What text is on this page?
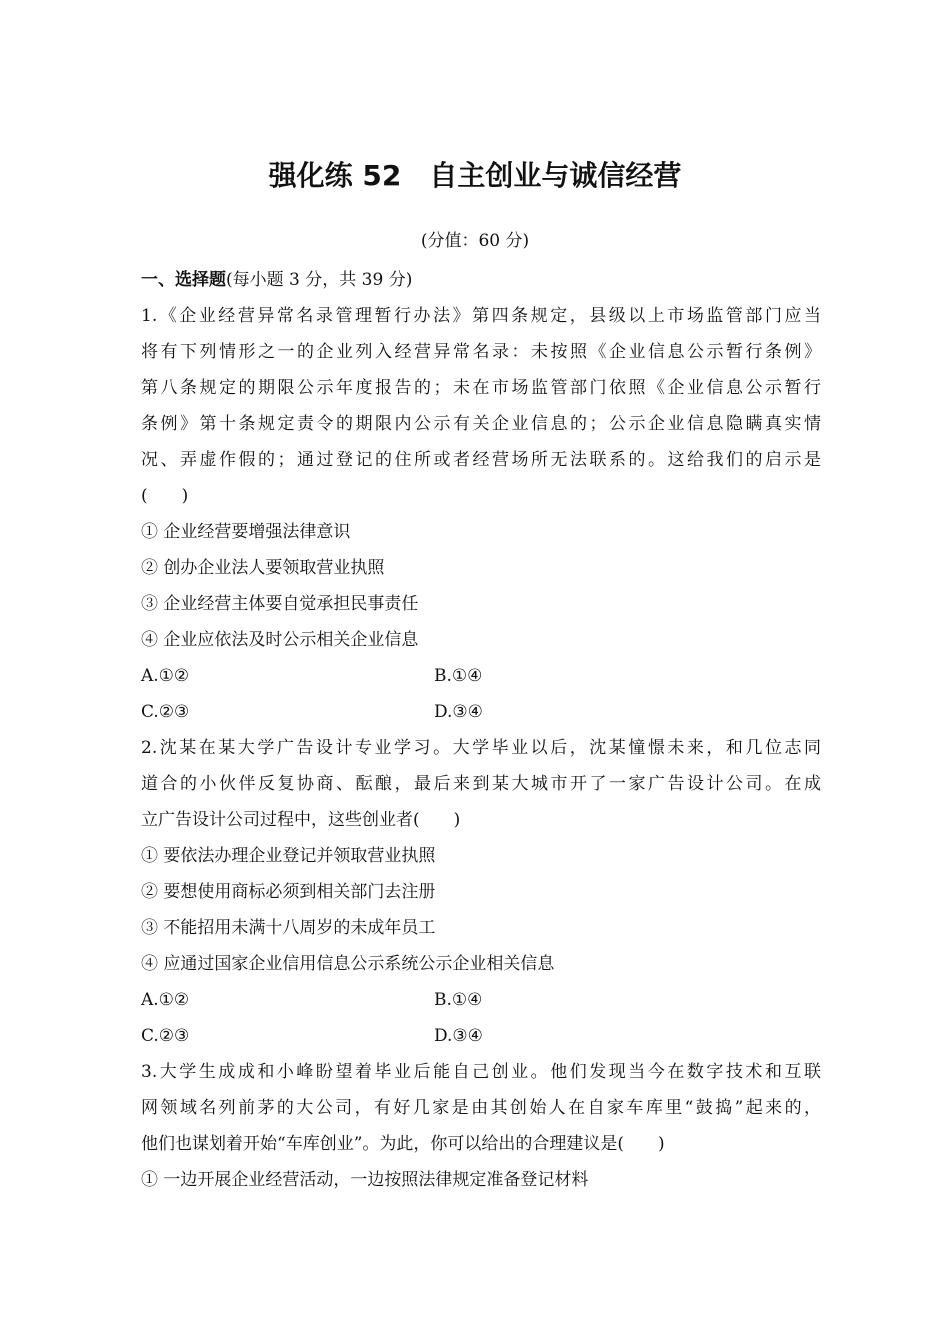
强化练 52　自主创业与诚信经营
(分值：60 分)
一、选择题(每小题 3 分，共 39 分)
1.《企业经营异常名录管理暂行办法》第四条规定，县级以上市场监管部门应当
将有下列情形之一的企业列入经营异常名录：未按照《企业信息公示暂行条例》
第八条规定的期限公示年度报告的；未在市场监管部门依照《企业信息公示暂行
条例》第十条规定责令的期限内公示有关企业信息的；公示企业信息隐瞒真实情
况、弄虚作假的；通过登记的住所或者经营场所无法联系的。这给我们的启示是
(　　)
① 企业经营要增强法律意识
② 创办企业法人要领取营业执照
③ 企业经营主体要自觉承担民事责任
④ 企业应依法及时公示相关企业信息
A.①②	B.①④
C.②③	D.③④
2.沈某在某大学广告设计专业学习。大学毕业以后，沈某憧憬未来，和几位志同
道合的小伙伴反复协商、酝酿，最后来到某大城市开了一家广告设计公司。在成
立广告设计公司过程中，这些创业者(　　)
① 要依法办理企业登记并领取营业执照
② 要想使用商标必须到相关部门去注册
③ 不能招用未满十八周岁的未成年员工
④ 应通过国家企业信用信息公示系统公示企业相关信息
A.①②	B.①④
C.②③	D.③④
3.大学生成成和小峰盼望着毕业后能自己创业。他们发现当今在数字技术和互联
网领域名列前茅的大公司，有好几家是由其创始人在自家车库里“鼓捣”起来的，
他们也谋划着开始“车库创业”。为此，你可以给出的合理建议是(　　)
① 一边开展企业经营活动，一边按照法律规定准备登记材料
